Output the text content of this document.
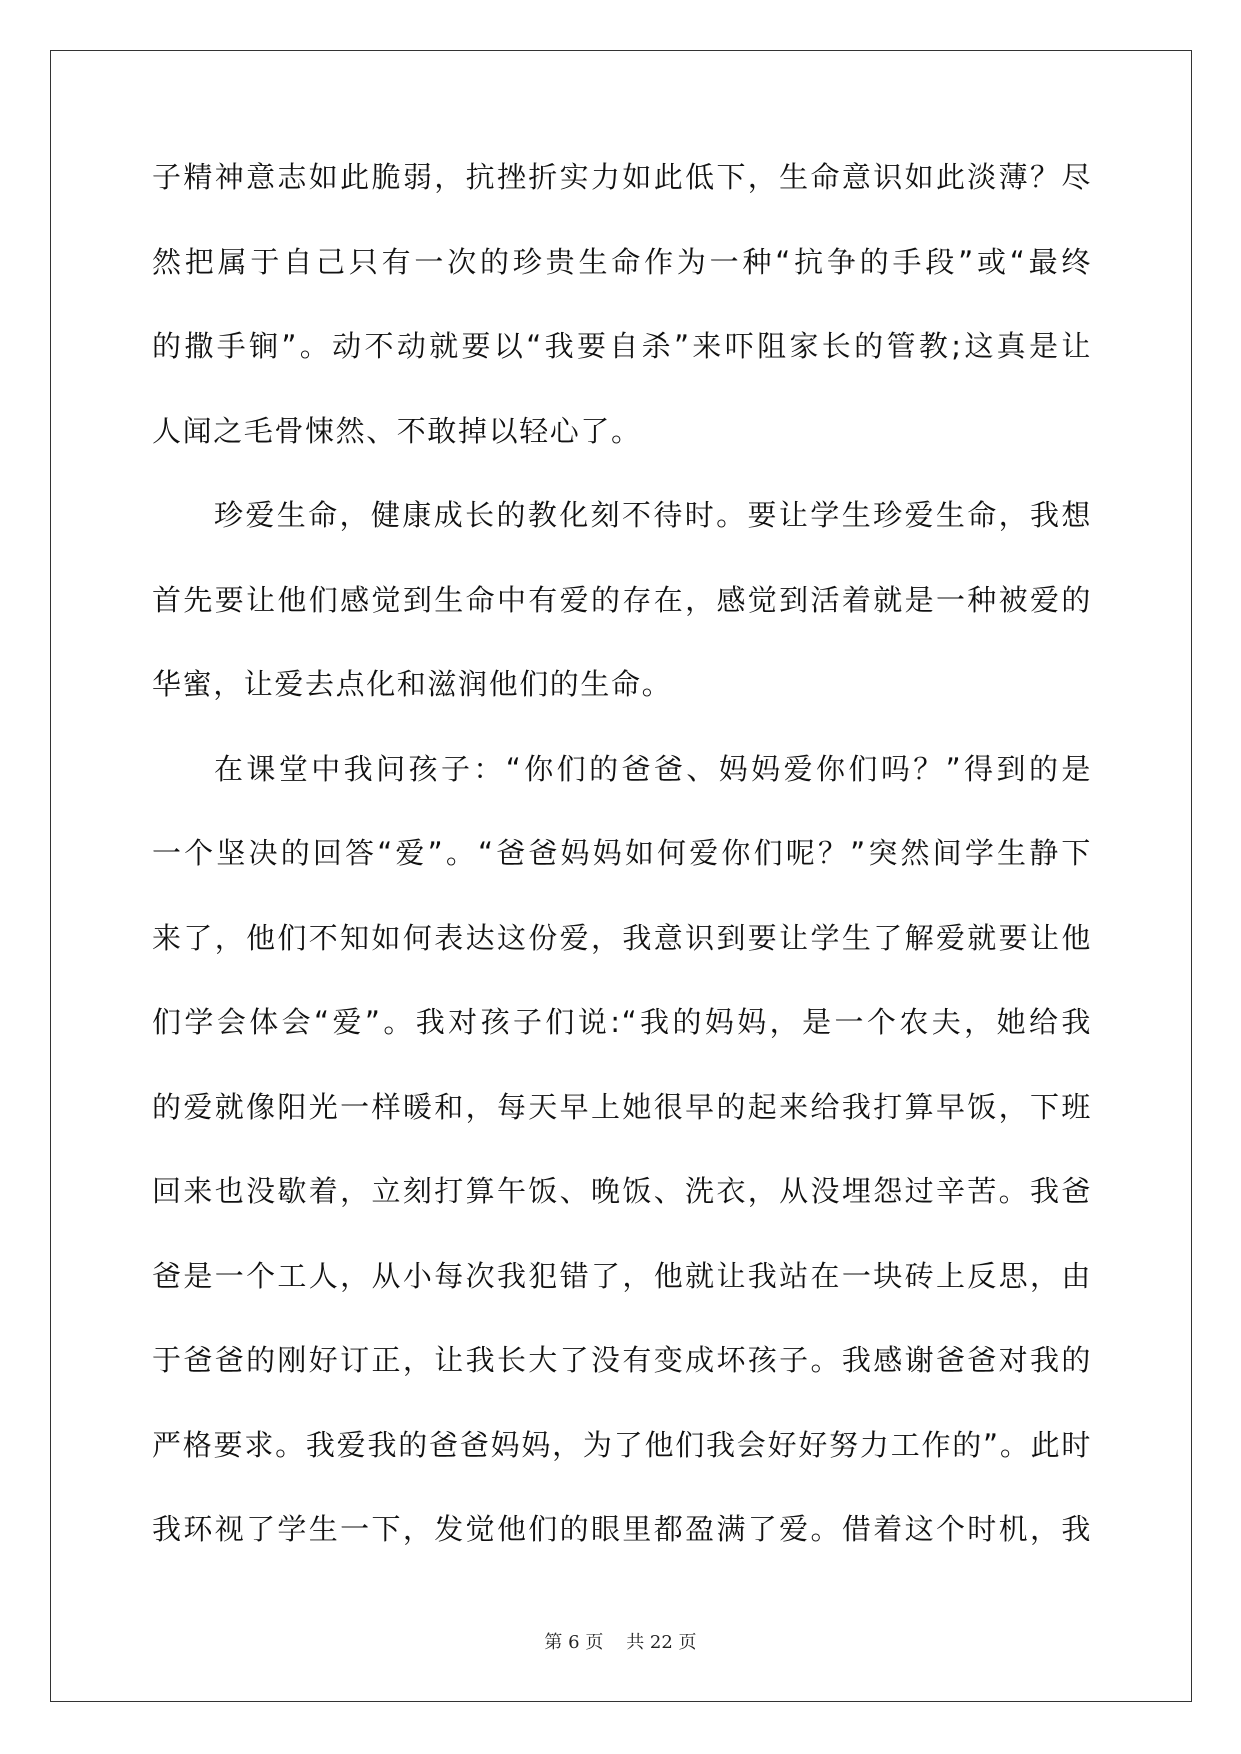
子精神意志如此脆弱，抗挫折实力如此低下，生命意识如此淡薄？尽
然把属于自己只有一次的珍贵生命作为一种“抗争的手段”或“最终
的撒手锏”。动不动就要以“我要自杀”来吓阻家长的管教;这真是让
人闻之毛骨悚然、不敢掉以轻心了。
珍爱生命，健康成长的教化刻不待时。要让学生珍爱生命，我想
首先要让他们感觉到生命中有爱的存在，感觉到活着就是一种被爱的
华蜜，让爱去点化和滋润他们的生命。
在课堂中我问孩子：“你们的爸爸、妈妈爱你们吗？”得到的是
一个坚决的回答“爱”。“爸爸妈妈如何爱你们呢？”突然间学生静下
来了，他们不知如何表达这份爱，我意识到要让学生了解爱就要让他
们学会体会“爱”。我对孩子们说:“我的妈妈，是一个农夫，她给我
的爱就像阳光一样暖和，每天早上她很早的起来给我打算早饭，下班
回来也没歇着，立刻打算午饭、晚饭、洗衣，从没埋怨过辛苦。我爸
爸是一个工人，从小每次我犯错了，他就让我站在一块砖上反思，由
于爸爸的刚好订正，让我长大了没有变成坏孩子。我感谢爸爸对我的
严格要求。我爱我的爸爸妈妈，为了他们我会好好努力工作的”。此时
我环视了学生一下，发觉他们的眼里都盈满了爱。借着这个时机，我
第 6 页    共 22 页
